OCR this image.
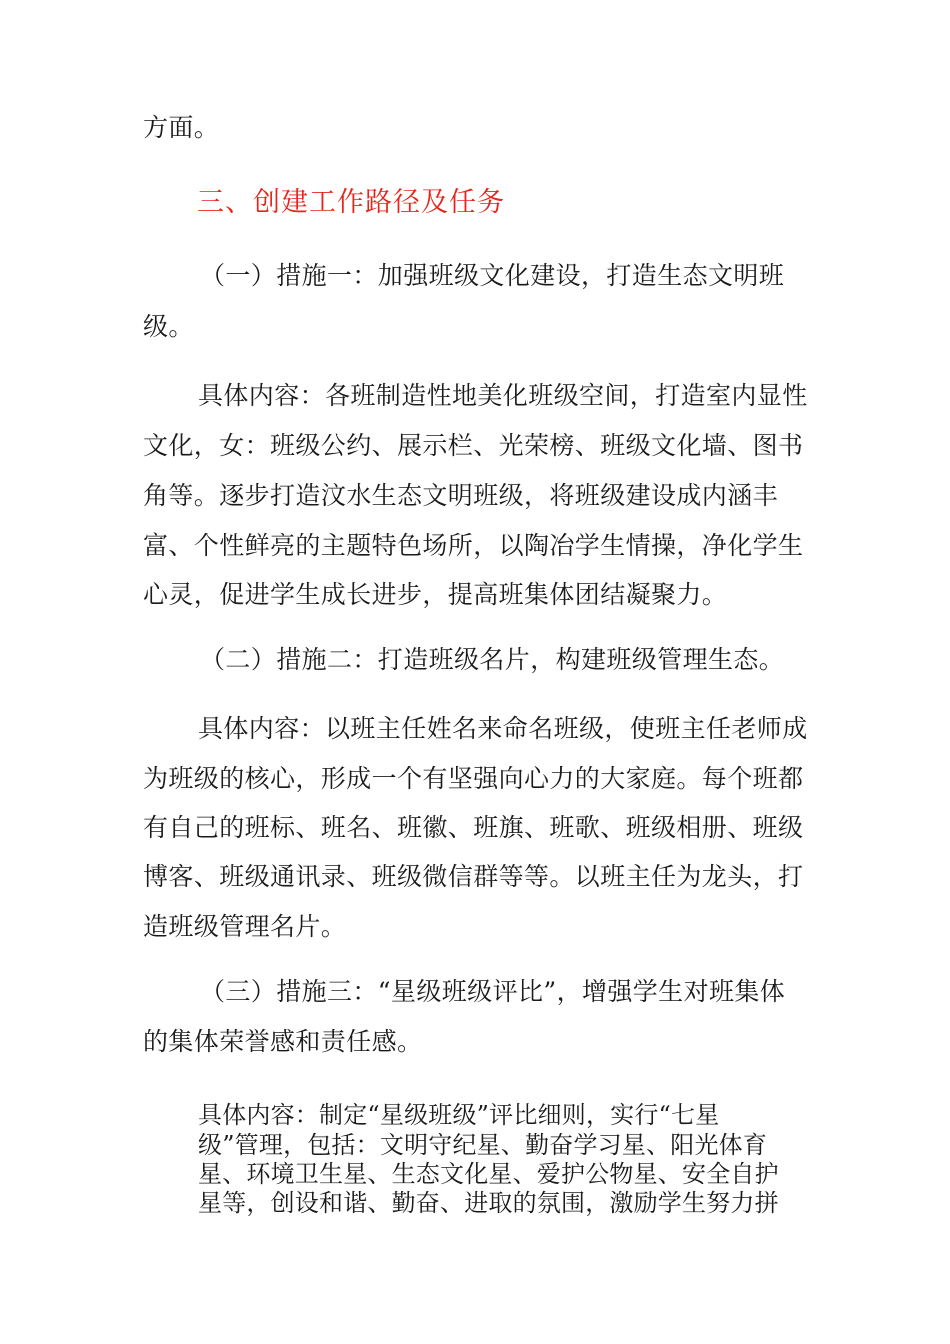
方面。
三、创建工作路径及任务
（一）措施一：加强班级文化建设，打造生态文明班
级。
具体内容：各班制造性地美化班级空间，打造室内显性
文化，女：班级公约、展示栏、光荣榜、班级文化墙、图书
角等。逐步打造汶水生态文明班级，将班级建设成内涵丰
富、个性鲜亮的主题特色场所，以陶冶学生情操，净化学生
心灵，促进学生成长进步，提高班集体团结凝聚力。
（二）措施二：打造班级名片，构建班级管理生态。
具体内容：以班主任姓名来命名班级，使班主任老师成
为班级的核心，形成一个有坚强向心力的大家庭。每个班都
有自己的班标、班名、班徽、班旗、班歌、班级相册、班级
博客、班级通讯录、班级微信群等等。以班主任为龙头，打
造班级管理名片。
（三）措施三：“星级班级评比”，增强学生对班集体
的集体荣誉感和责任感。
具体内容：制定“星级班级”评比细则，实行“七星
级”管理，包括：文明守纪星、勤奋学习星、阳光体育
星、环境卫生星、生态文化星、爱护公物星、安全自护
星等，创设和谐、勤奋、进取的氛围，激励学生努力拼
